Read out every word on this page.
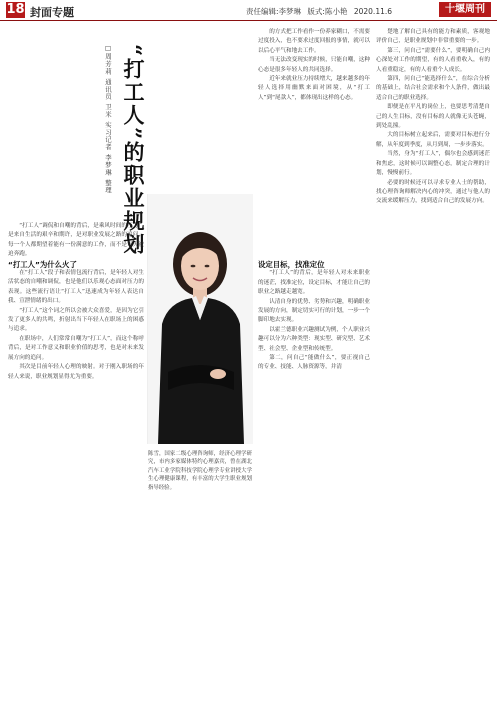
18 封面专题	责任编辑:李梦琳 版式:陈小艳 2020.11.6	十堰周刊
“打工人”的职业规划
□周芳莉 通讯员 卫米 实习记者 李梦琳 整理

“打工人”调侃和自嘲的背后，是乘风时间的压力，是来自生活的艰辛和期许，是对职业发展之路的追问。每一个人都期望着能有一份满意的工作，而不是每天被迫奔跑。

“打工人”为什么火了

在“打工人”段子和表情包流行背后，是年轻人对生活状态的自嘲和调侃，也是他们以乐观心态面对压力的表现。这些流行语让“打工人”迅速成为年轻人表达自我、宣泄情绪的出口。

“打工人”这个词之所以会被大众喜爱，是因为它引发了更多人的共鸣，折射出当下年轻人在职场上的困惑与追求。

在职场中，人们常常自嘲为“打工人”，而这个称呼背后，是对工作意义和职业价值的思考，也是对未来发展方向的追问。

其次是目前年轻人心理的映射。对于刚入职场的年轻人来说，职业规划显得尤为重要。

的方式把工作看作一份养家糊口，不需要过度投入，也不要求过度回报的事情，就可以以后心平气和地去工作。

当无法改变现实的时候，只能自嘲，这种心态是很多年轻人的共同选择。

近年来就业压力持续增大，越来越多的年轻人选择用幽默来面对困境，从“打工人”到“尾款人”，都体现出这样的心态。

设定目标，找准定位

“打工人”的背后，是年轻人对未来职业的迷茫，找准定位，设定目标，才能让自己的职业之路越走越宽。

认清自身的优势、劣势和兴趣，明确职业发展的方向，制定切实可行的计划，一步一个脚印地去实现。

以霍兰德职业兴趣测试为例，个人职业兴趣可以分为六种类型：现实型、研究型、艺术型、社会型、企业型和传统型。

第二，问自己“能做什么”，要正视自己的专业、技能、人脉资源等，并清

楚地了解自己具有的能力和素质，客观地评价自己，是职业规划中非常重要的一步。

第三，问自己“需要什么”，要明确自己内心深处对工作的期望，有的人看重收入，有的人看重稳定，有的人看重个人成长。

第四，问自己“能选择什么”，在综合分析的基础上，结合社会需求和个人条件，做出最适合自己的职业选择。

即便是在平凡的岗位上，也要思考清楚自己的人生目标，没有目标的人就像无头苍蝇，到处乱撞。

大的目标树立起来后，需要对目标进行分解，从年度到季度，从月到周，一步步落实。

当然，身为“打工人”，偶尔也会感到迷茫和焦虑，这时候可以调整心态，制定合理的计划，慢慢前行。

必要的时候还可以寻求专业人士的帮助，找心理咨询师解决内心的冲突，通过与他人的交流来缓解压力，找到适合自己的发展方向。

陈雪，国家二级心理咨询师，经济心理学研究，市内多家媒体特约心理嘉宾，曾在湖北汽车工业学院科技学院心理学专业讲授大学生心理健康课程，有丰富的大学生职业规划指导经验。
